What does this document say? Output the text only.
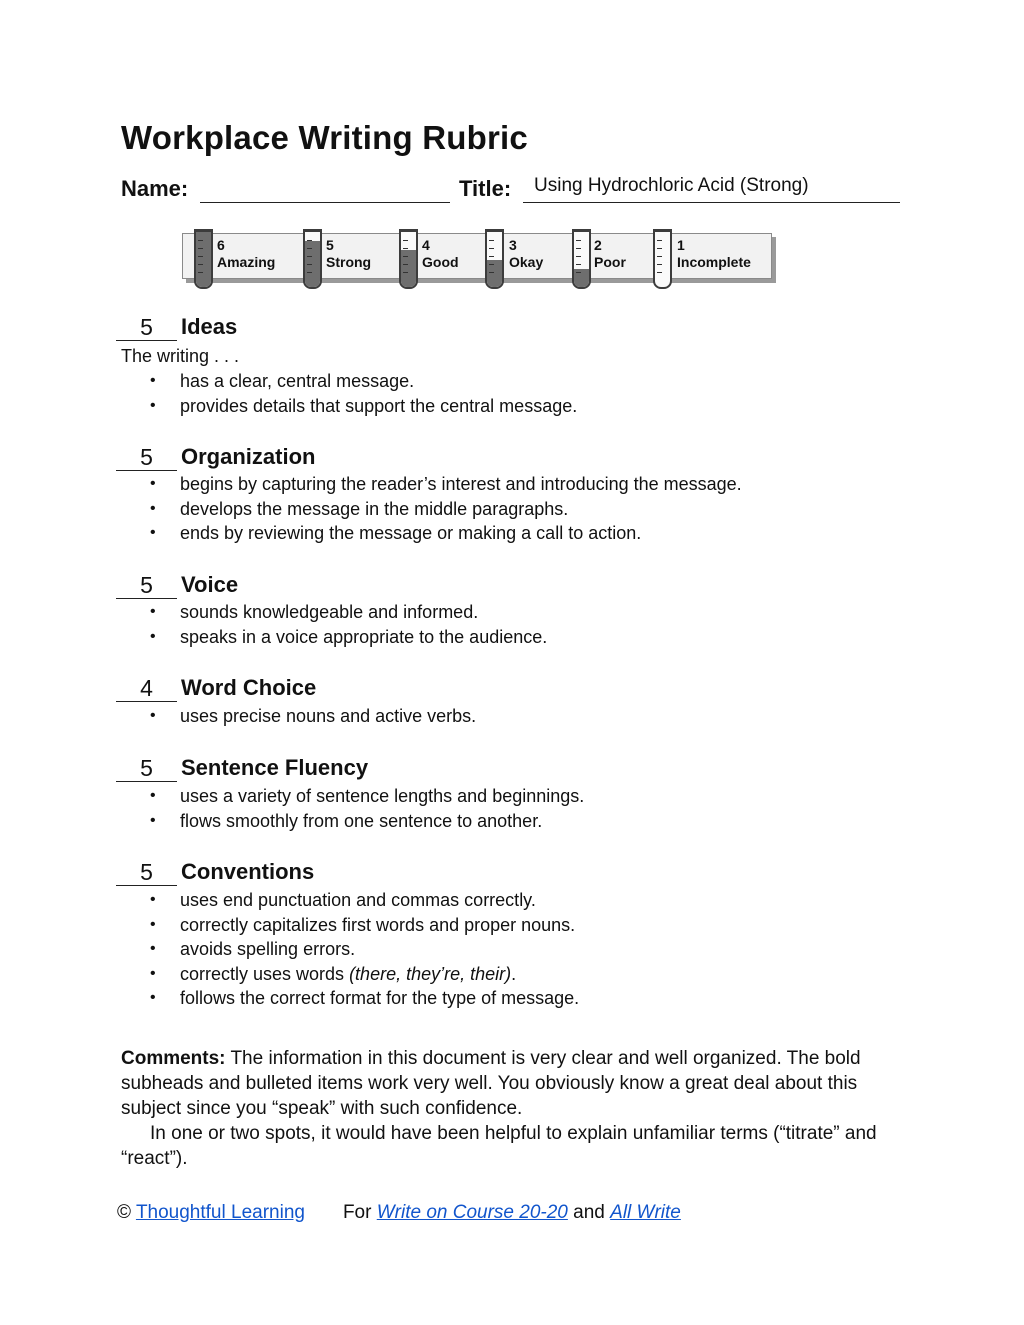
Workplace Writing Rubric
Name:	Title: Using Hydrochloric Acid (Strong)
6
Amazing
5
Strong
4
Good
3
Okay
2
Poor
1
Incomplete
5	Ideas
The writing . . .
• has a clear, central message.
• provides details that support the central message.
5	Organization
• begins by capturing the reader’s interest and introducing the message.
• develops the message in the middle paragraphs.
• ends by reviewing the message or making a call to action.
5	Voice
• sounds knowledgeable and informed.
• speaks in a voice appropriate to the audience.
4	Word Choice
• uses precise nouns and active verbs.
5	Sentence Fluency
• uses a variety of sentence lengths and beginnings.
• flows smoothly from one sentence to another.
5	Conventions
• uses end punctuation and commas correctly.
• correctly capitalizes first words and proper nouns.
• avoids spelling errors.
• correctly uses words (there, they’re, their).
• follows the correct format for the type of message.

Comments: The information in this document is very clear and well organized. The bold subheads and bulleted items work very well. You obviously know a great deal about this subject since you “speak” with such confidence.

In one or two spots, it would have been helpful to explain unfamiliar terms (“titrate” and “react”).

© Thoughtful Learning For Write on Course 20-20 and All Write
